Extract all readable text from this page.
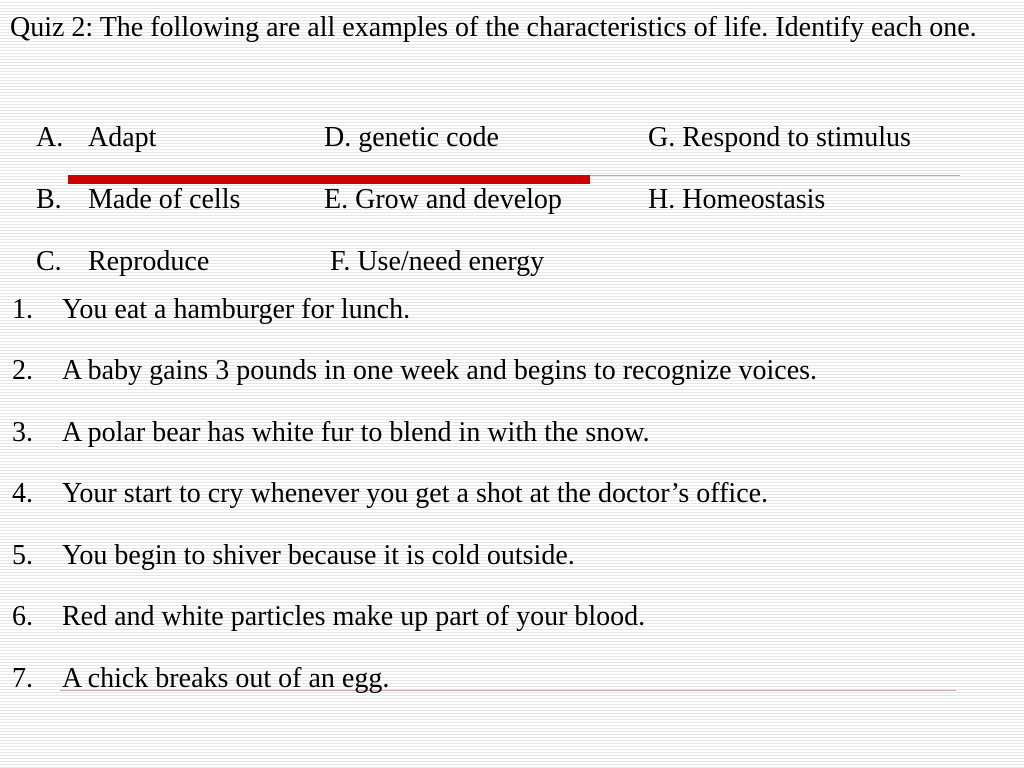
Quiz 2: The following are all examples of the characteristics of life. Identify each one.
A. Adapt
B. Made of cells
C. Reproduce
D. genetic code
E. Grow and develop
F. Use/need energy
G. Respond to stimulus
H. Homeostasis
1. You eat a hamburger for lunch.
2. A baby gains 3 pounds in one week and begins to recognize voices.
3. A polar bear has white fur to blend in with the snow.
4. Your start to cry whenever you get a shot at the doctor’s office.
5. You begin to shiver because it is cold outside.
6. Red and white particles make up part of your blood.
7. A chick breaks out of an egg.
